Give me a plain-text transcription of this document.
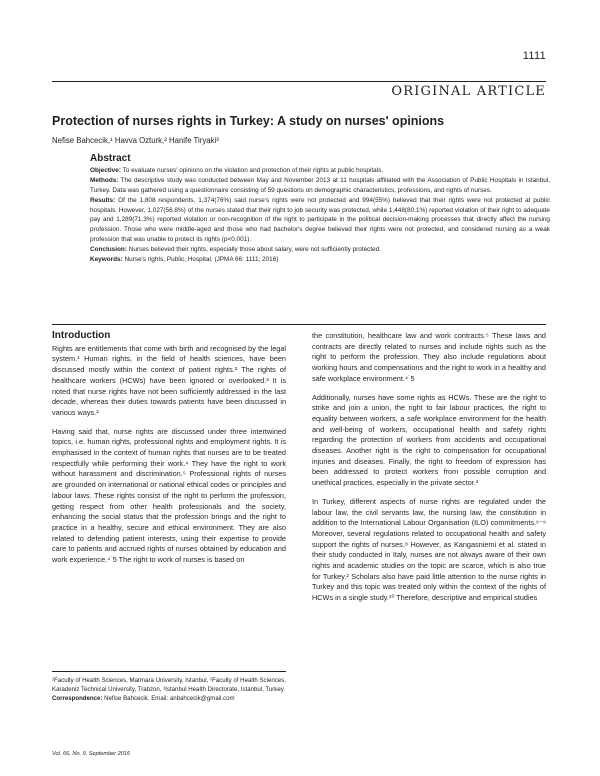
1111
ORIGINAL ARTICLE
Protection of nurses rights in Turkey: A study on nurses' opinions
Nefise Bahcecik,¹ Havva Ozturk,² Hanife Tiryaki³
Abstract

Objective: To evaluate nurses' opinions on the violation and protection of their rights at public hospitals.

Methods: The descriptive study was conducted between May and November 2013 at 11 hospitals affiliated with the Association of Public Hospitals in Istanbul, Turkey. Data was gathered using a questionnaire consisting of 59 questions on demographic characteristics, professions, and rights of nurses.

Results: Of the 1,808 respondents, 1,374(76%) said nurse's rights were not protected and 994(55%) believed that their rights were not protected at public hospitals. However, 1,027(56.8%) of the nurses stated that their right to job security was protected, while 1,448(80.1%) reported violation of their right to adequate pay and 1,289(71.3%) reported violation or non-recognition of the right to participate in the political decision-making processes that directly affect the nursing profession. Those who were middle-aged and those who had bachelor's degree believed their rights were not protected, and considered nursing as a weak profession that was unable to protect its rights (p<0.001).

Conclusion: Nurses believed their rights, especially those about salary, were not sufficiently protected.

Keywords: Nurse's rights, Public, Hospital. (JPMA 66: 1111; 2016)

Introduction

Rights are entitlements that come with birth and recognised by the legal system.¹ Human rights, in the field of health sciences, have been discussed mostly within the context of patient rights.² The rights of healthcare workers (HCWs) have been ignored or overlooked.³ It is noted that nurse rights have not been sufficiently addressed in the last decade, whereas their duties towards patients have been discussed in various ways.²

Having said that, nurse rights are discussed under three intertwined topics, i.e. human rights, professional rights and employment rights. It is emphasised in the context of human rights that nurses are to be treated respectfully while performing their work.⁴ They have the right to work without harassment and discrimination.⁵ Professional rights of nurses are grounded on international or national ethical codes or principles and labour laws. These rights consist of the right to perform the profession, getting respect from other health professionals and the society, enhancing the social status that the profession brings and the right to practice in a healthy, secure and ethical environment. They are also related to defending patient interests, using their expertise to provide care to patients and accrued rights of nurses obtained by education and work experience.⁴˙5 The right to work of nurses is based on

the constitution, healthcare law and work contracts.⁵ These laws and contracts are directly related to nurses and include rights such as the right to perform the profession. They also include regulations about working hours and compensations and the right to work in a healthy and safe workplace environment.⁴˙5

Additionally, nurses have some rights as HCWs. These are the right to strike and join a union, the right to fair labour practices, the right to equality between workers, a safe workplace environment for the health and well-being of workers, occupational health and safety rights regarding the protection of workers from accidents and occupational diseases. Another right is the right to compensation for occupational injuries and diseases. Finally, the right to freedom of expression has been addressed to protect workers from possible corruption and unethical practices, especially in the private sector.³

In Turkey, different aspects of nurse rights are regulated under the labour law, the civil servants law, the nursing law, the constitution in addition to the International Labour Organisation (ILO) commitments.⁶⁻⁹ Moreover, several regulations related to occupational health and safety support the rights of nurses.⁸ However, as Kangasniemi et al. stated in their study conducted in Italy, nurses are not always aware of their own rights and academic studies on the topic are scarce, which is also true for Turkey.² Scholars also have paid little attention to the nurse rights in Turkey and this topic was treated only within the context of the rights of HCWs in a single study.¹⁰ Therefore, descriptive and empirical studies

¹Faculty of Health Sciences, Marmara University, Istanbul, ²Faculty of Health Sciences, Karadeniz Technical University, Trabzon, ³Istanbul Health Directorate, Istanbul, Turkey.

Correspondence: Nefise Bahcecik. Email: anbahcecik@gmail.com

Vol. 66, No. 9, September 2016
